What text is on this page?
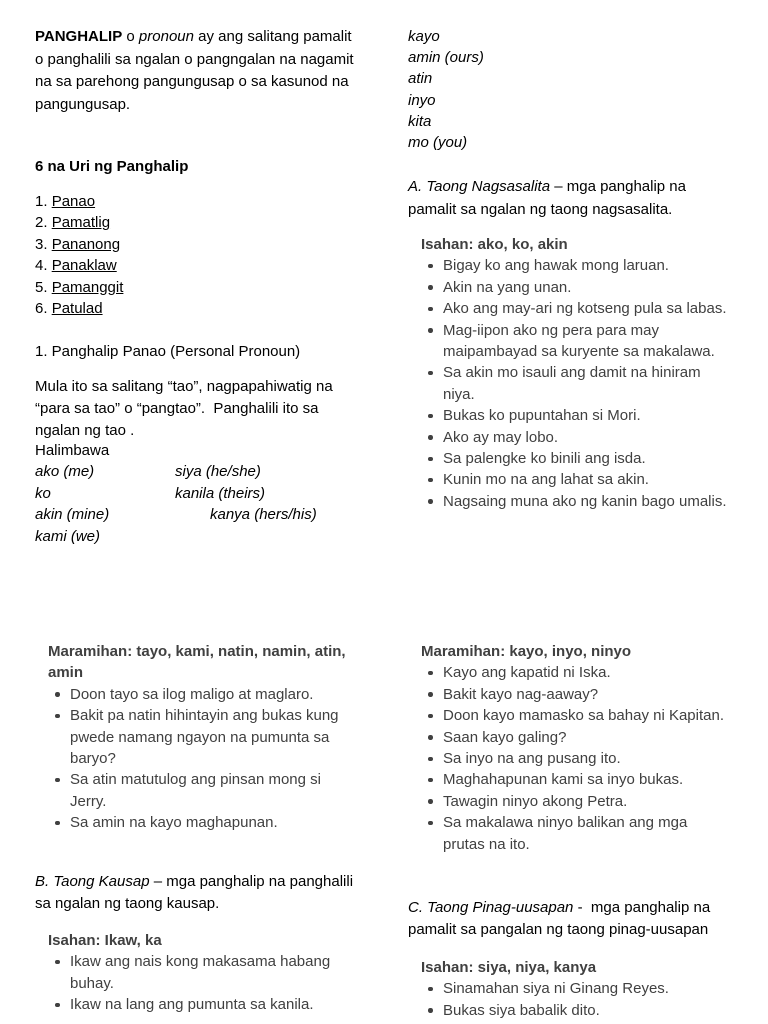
PANGHALIP o pronoun ay ang salitang pamalit
o panghalili sa ngalan o pangngalan na nagamit
na sa parehong pangungusap o sa kasunod na
pangungusap.
6 na Uri ng Panghalip
1. Panao
2. Pamatlig
3. Pananong
4. Panaklaw
5. Pamanggit
6. Patulad
1. Panghalip Panao (Personal Pronoun)
Mula ito sa salitang “tao”, nagpapahiwatig na
“para sa tao” o “pangtao”.  Panghalili ito sa
ngalan ng tao .
Halimbawa
ako (me)	siya (he/she)
ko	kanila (theirs)
akin (mine)	kanya (hers/his)
kami (we)
kayo
amin (ours)
atin
inyo
kita
mo (you)
A. Taong Nagsasalita – mga panghalip na
pamalit sa ngalan ng taong nagsasalita.
Isahan: ako, ko, akin
Bigay ko ang hawak mong laruan.
Akin na yang unan.
Ako ang may-ari ng kotseng pula sa labas.
Mag-iipon ako ng pera para may
maipambayad sa kuryente sa makalawa.
Sa akin mo isauli ang damit na hiniram
niya.
Bukas ko pupuntahan si Mori.
Ako ay may lobo.
Sa palengke ko binili ang isda.
Kunin mo na ang lahat sa akin.
Nagsaing muna ako ng kanin bago umalis.
Maramihan: tayo, kami, natin, namin, atin,
amin
Doon tayo sa ilog maligo at maglaro.
Bakit pa natin hihintayin ang bukas kung
pwede namang ngayon na pumunta sa
baryo?
Sa atin matutulog ang pinsan mong si
Jerry.
Sa amin na kayo maghapunan.
B. Taong Kausap – mga panghalip na panghalili
sa ngalan ng taong kausap.
Isahan: Ikaw, ka
Ikaw ang nais kong makasama habang
buhay.
Ikaw na lang ang pumunta sa kanila.
Maramihan: kayo, inyo, ninyo
Kayo ang kapatid ni Iska.
Bakit kayo nag-aaway?
Doon kayo mamasko sa bahay ni Kapitan.
Saan kayo galing?
Sa inyo na ang pusang ito.
Maghahapunan kami sa inyo bukas.
Tawagin ninyo akong Petra.
Sa makalawa ninyo balikan ang mga
prutas na ito.
C. Taong Pinag-uusapan -  mga panghalip na
pamalit sa pangalan ng taong pinag-uusapan
Isahan: siya, niya, kanya
Sinamahan siya ni Ginang Reyes.
Bukas siya babalik dito.
